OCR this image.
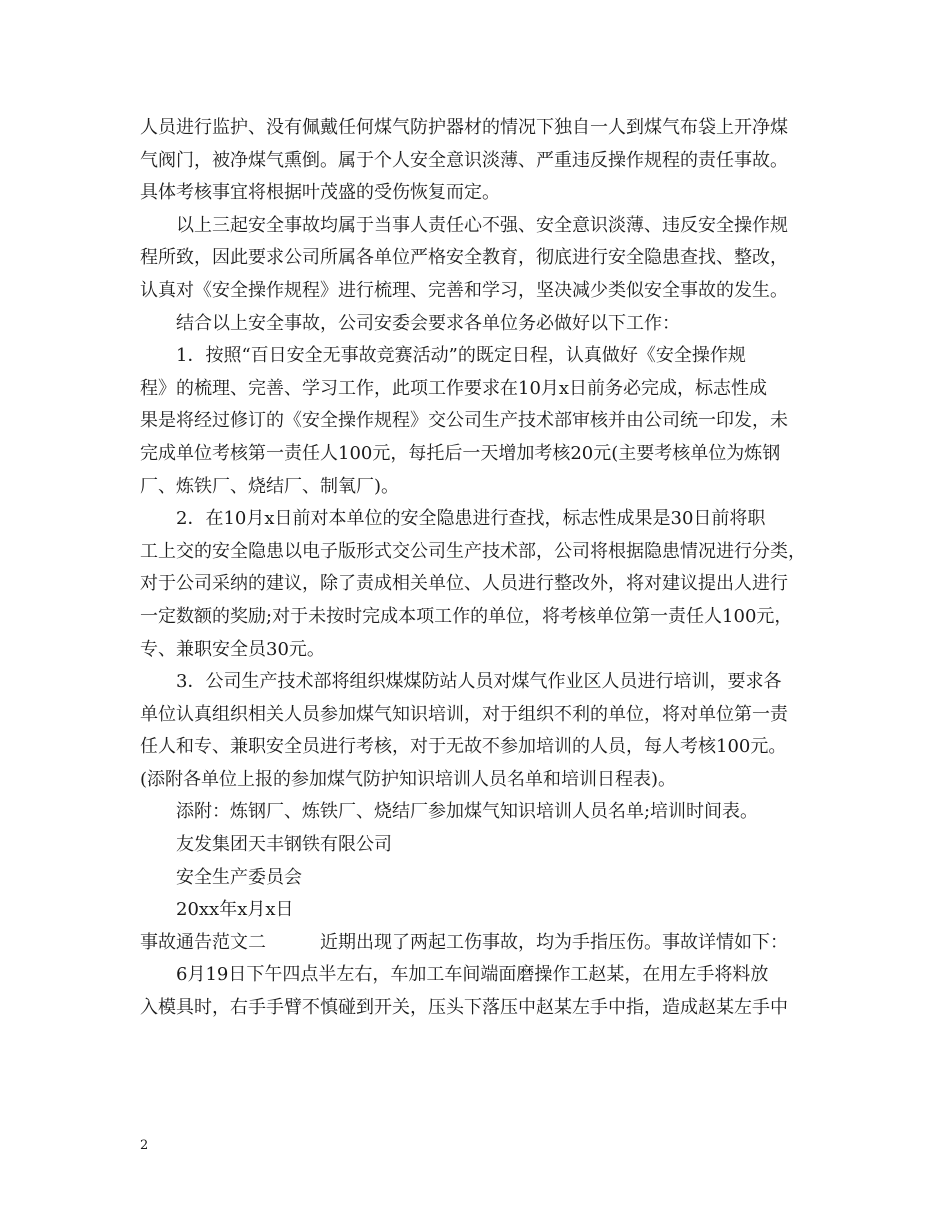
人员进行监护、没有佩戴任何煤气防护器材的情况下独自一人到煤气布袋上开净煤
气阀门，被净煤气熏倒。属于个人安全意识淡薄、严重违反操作规程的责任事故。
具体考核事宜将根据叶茂盛的受伤恢复而定。
以上三起安全事故均属于当事人责任心不强、安全意识淡薄、违反安全操作规
程所致，因此要求公司所属各单位严格安全教育，彻底进行安全隐患查找、整改，
认真对《安全操作规程》进行梳理、完善和学习，坚决减少类似安全事故的发生。
结合以上安全事故，公司安委会要求各单位务必做好以下工作：
1．按照“百日安全无事故竞赛活动”的既定日程，认真做好《安全操作规
程》的梳理、完善、学习工作，此项工作要求在10月x日前务必完成，标志性成
果是将经过修订的《安全操作规程》交公司生产技术部审核并由公司统一印发，未
完成单位考核第一责任人100元，每托后一天增加考核20元(主要考核单位为炼钢
厂、炼铁厂、烧结厂、制氧厂)。
2．在10月x日前对本单位的安全隐患进行查找，标志性成果是30日前将职
工上交的安全隐患以电子版形式交公司生产技术部，公司将根据隐患情况进行分类，
对于公司采纳的建议，除了责成相关单位、人员进行整改外，将对建议提出人进行
一定数额的奖励;对于未按时完成本项工作的单位，将考核单位第一责任人100元，
专、兼职安全员30元。
3．公司生产技术部将组织煤煤防站人员对煤气作业区人员进行培训，要求各
单位认真组织相关人员参加煤气知识培训，对于组织不利的单位，将对单位第一责
任人和专、兼职安全员进行考核，对于无故不参加培训的人员，每人考核100元。
(添附各单位上报的参加煤气防护知识培训人员名单和培训日程表)。
添附：炼钢厂、炼铁厂、烧结厂参加煤气知识培训人员名单;培训时间表。
友发集团天丰钢铁有限公司
安全生产委员会
20xx年x月x日
事故通告范文二	近期出现了两起工伤事故，均为手指压伤。事故详情如下：
6月19日下午四点半左右，车加工车间端面磨操作工赵某，在用左手将料放
入模具时，右手手臂不慎碰到开关，压头下落压中赵某左手中指，造成赵某左手中
2
